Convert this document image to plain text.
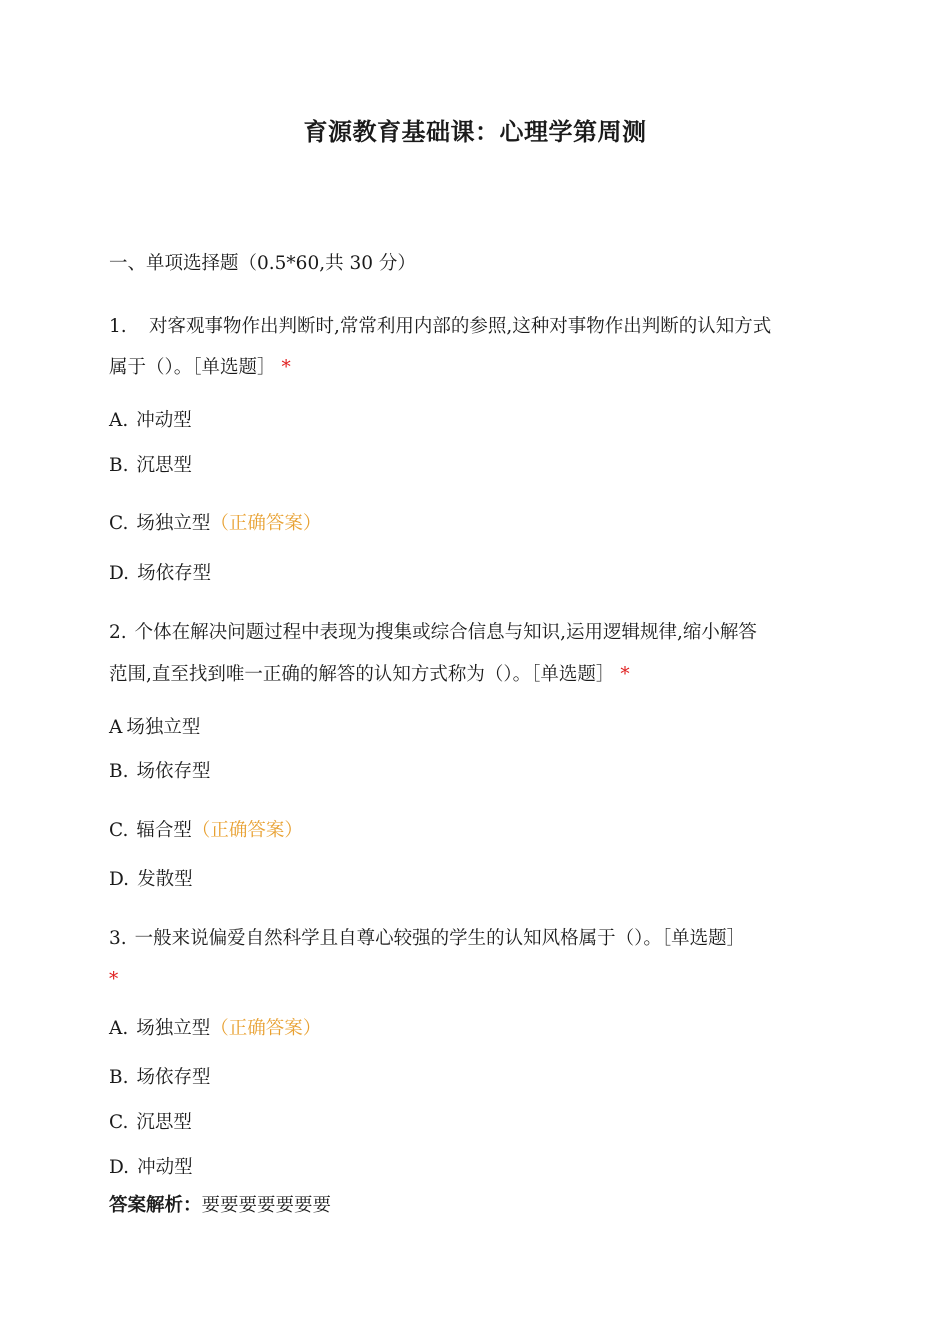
育源教育基础课：心理学第周测
一、单项选择题（0.5*60,共 30 分）
1. 对客观事物作出判断时,常常利用内部的参照,这种对事物作出判断的认知方式
属于（）。［单选题］ *
A. 冲动型
B. 沉思型
C. 场独立型（正确答案）
D. 场依存型
2. 个体在解决问题过程中表现为搜集或综合信息与知识,运用逻辑规律,缩小解答
范围,直至找到唯一正确的解答的认知方式称为（）。［单选题］ *
A 场独立型
B. 场依存型
C. 辐合型（正确答案）
D. 发散型
3. 一般来说偏爱自然科学且自尊心较强的学生的认知风格属于（）。［单选题］
*
A. 场独立型（正确答案）
B. 场依存型
C. 沉思型
D. 冲动型
答案解析：要要要要要要要
